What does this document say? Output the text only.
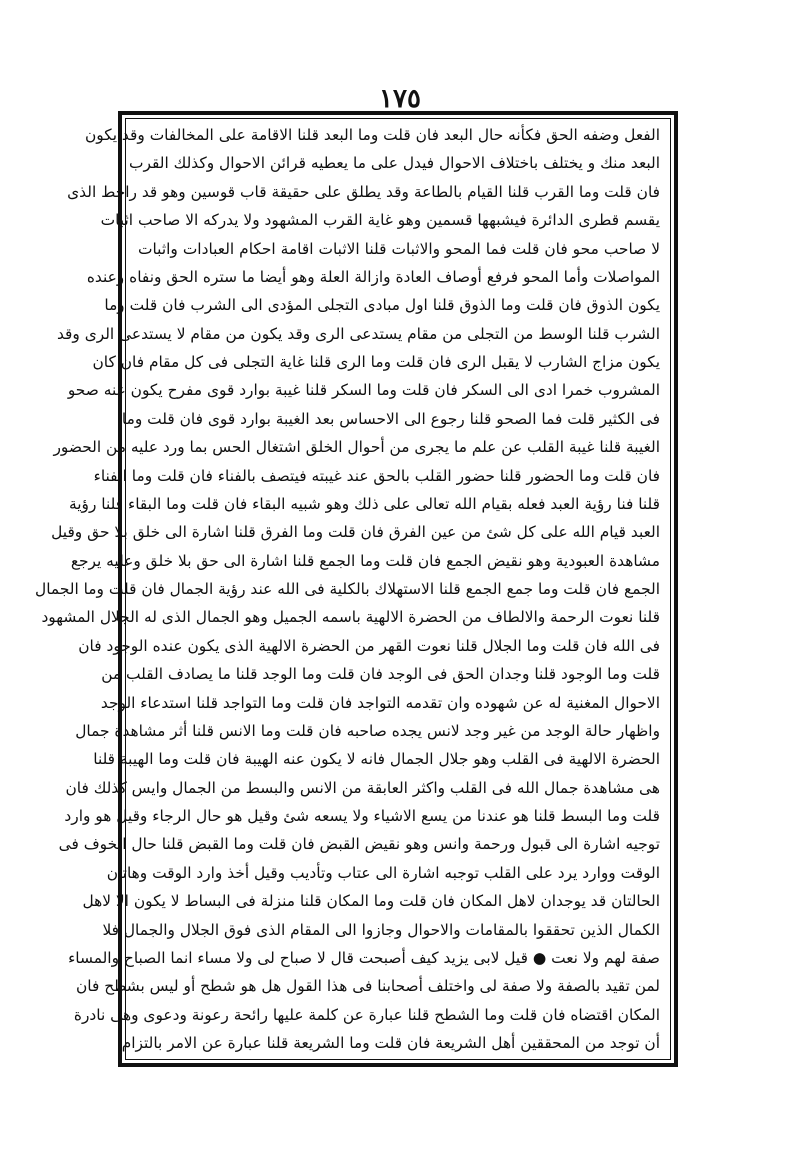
١٧٥
الفعل وضفه الحق فكأنه حال البعد فان قلت وما البعد قلنا الاقامة على المخالفات وقد يكون
البعد منك و يختلف باختلاف الاحوال فيدل على ما يعطيه قرائن الاحوال وكذلك القرب
فان قلت وما القرب قلنا القيام بالطاعة وقد يطلق على حقيقة قاب قوسين وهو قد راخط الذى
يقسم قطرى الدائرة فيشبهها قسمين وهو غاية القرب المشهود ولا يدركه الا صاحب اثبات
لا صاحب محو فان قلت فما المحو والاثبات قلنا الاثبات اقامة احكام العبادات واثبات
المواصلات وأما المحو فرفع أوصاف العادة وازالة العلة وهو أيضا ما ستره الحق ونفاه وعنده
يكون الذوق فان قلت وما الذوق قلنا اول مبادى التجلى المؤدى الى الشرب فان قلت وما
الشرب قلنا الوسط من التجلى من مقام يستدعى الرى وقد يكون من مقام لا يستدعى الرى وقد
يكون مزاج الشارب لا يقبل الرى فان قلت وما الرى قلنا غاية التجلى فى كل مقام فان كان
المشروب خمرا ادى الى السكر فان قلت وما السكر قلنا غيبة بوارد قوى مفرح يكون عنه صحو
فى الكثير قلت فما الصحو قلنا رجوع الى الاحساس بعد الغيبة بوارد قوى فان قلت وما
الغيبة قلنا غيبة القلب عن علم ما يجرى من أحوال الخلق اشتغال الحس بما ورد عليه من الحضور
فان قلت وما الحضور قلنا حضور القلب بالحق عند غيبته فيتصف بالفناء فان قلت وما الفناء
قلنا فنا رؤية العبد فعله بقيام الله تعالى على ذلك وهو شبيه البقاء فان قلت وما البقاء قلنا رؤية
العبد قيام الله على كل شئ من عين الفرق فان قلت وما الفرق قلنا اشارة الى خلق بلا حق وقيل
مشاهدة العبودية وهو نقيض الجمع فان قلت وما الجمع قلنا اشارة الى حق بلا خلق وعليه يرجع
الجمع فان قلت وما جمع الجمع قلنا الاستهلاك بالكلية فى الله عند رؤية الجمال فان قلت وما الجمال
قلنا نعوت الرحمة والالطاف من الحضرة الالهية باسمه الجميل وهو الجمال الذى له الجلال المشهود
فى الله فان قلت وما الجلال قلنا نعوت القهر من الحضرة الالهية الذى يكون عنده الوجود فان
قلت وما الوجود قلنا وجدان الحق فى الوجد فان قلت وما الوجد قلنا ما يصادف القلب من
الاحوال المغنية له عن شهوده وان تقدمه التواجد فان قلت وما التواجد قلنا استدعاء الوجد
واظهار حالة الوجد من غير وجد لانس يجده صاحبه فان قلت وما الانس قلنا أثر مشاهدة جمال
الحضرة الالهية فى القلب وهو جلال الجمال فانه لا يكون عنه الهيبة فان قلت وما الهيبة قلنا
هى مشاهدة جمال الله فى القلب واكثر العابقة من الانس والبسط من الجمال وايس كذلك فان
قلت وما البسط قلنا هو عندنا من يسع الاشياء ولا يسعه شئ وقيل هو حال الرجاء وقيل هو وارد
توجيه اشارة الى قبول ورحمة وانس وهو نقيض القبض فان قلت وما القبض قلنا حال الخوف فى
الوقت ووارد يرد على القلب توجبه اشارة الى عتاب وتأديب وقيل أخذ وارد الوقت وهاتان
الحالتان قد يوجدان لاهل المكان فان قلت وما المكان قلنا منزلة فى البساط لا يكون الا لاهل
الكمال الذين تحققوا بالمقامات والاحوال وجازوا الى المقام الذى فوق الجلال والجمال فلا
صفة لهم ولا نعت ● قيل لابى يزيد كيف أصبحت قال لا صباح لى ولا مساء انما الصباح والمساء
لمن تقيد بالصفة ولا صفة لى واختلف أصحابنا فى هذا القول هل هو شطح أو ليس بشطح فان
المكان اقتضاه فان قلت وما الشطح قلنا عبارة عن كلمة عليها رائحة رعونة ودعوى وهى نادرة
أن توجد من المحققين أهل الشريعة فان قلت وما الشريعة قلنا عبارة عن الامر بالتزام
